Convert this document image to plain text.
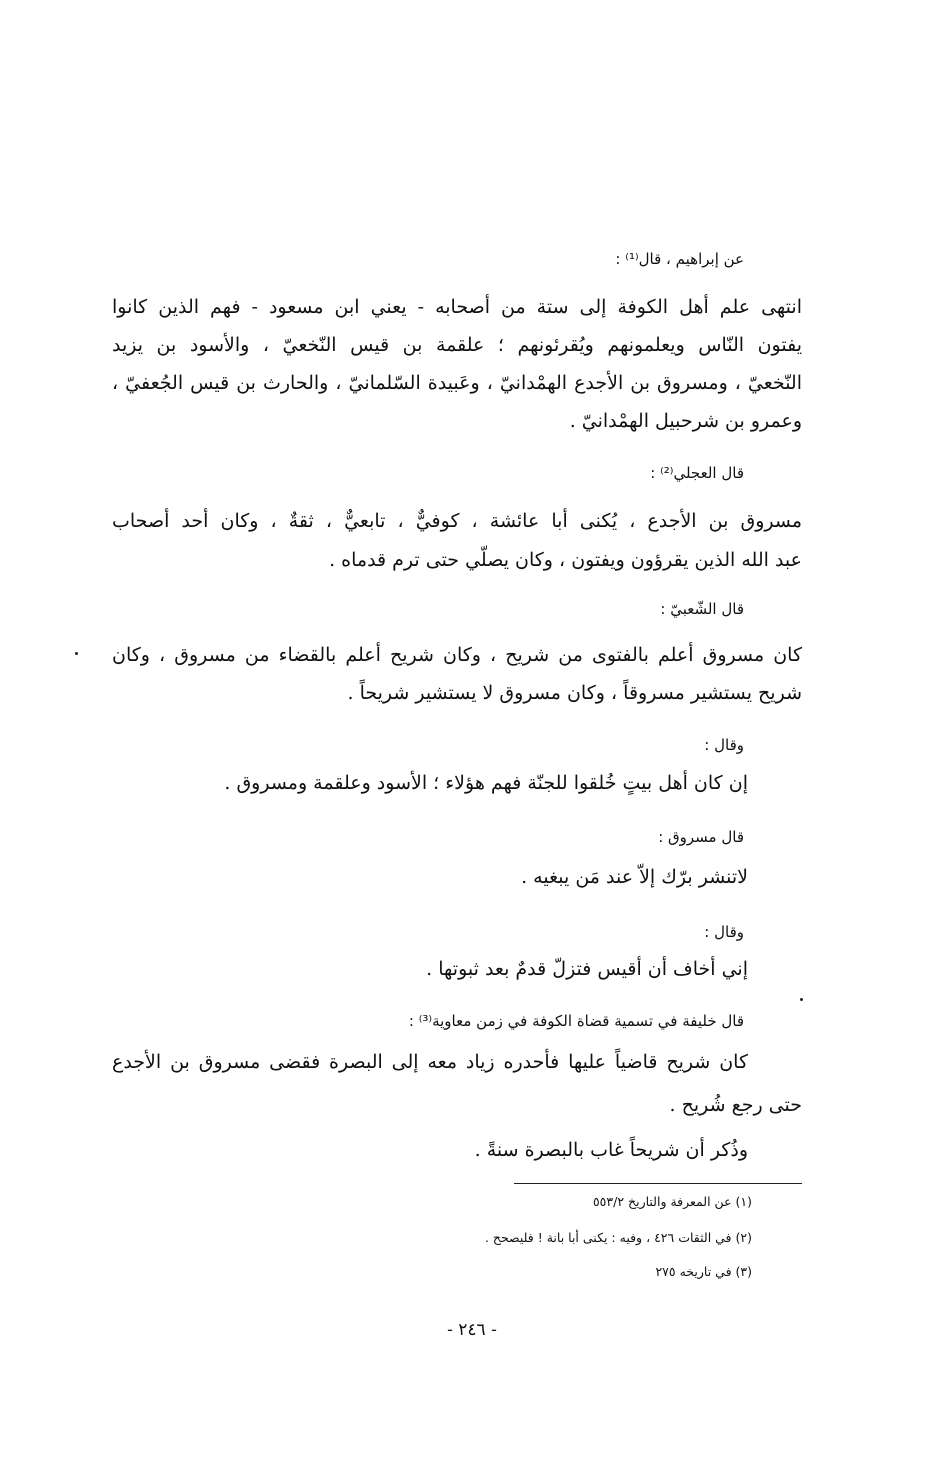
عن إبراهيم ، قال⁽¹⁾ :
انتهى علم أهل الكوفة إلى ستة من أصحابه - يعني ابن مسعود - فهم الذين كانوا
يفتون النّاس ويعلمونهم ويُقرئونهم ؛ علقمة بن قيس النّخعيّ ، والأسود بن يزيد
النّخعيّ ، ومسروق بن الأجدع الهمْدانيّ ، وعَبيدة السّلمانيّ ، والحارث بن قيس الجُعفيّ ،
وعمرو بن شرحبيل الهمْدانيّ .
قال العجلي⁽²⁾ :
مسروق بن الأجدع ، يُكنى أبا عائشة ، كوفيٌّ ، تابعيٌّ ، ثقةٌ ، وكان أحد أصحاب
عبد الله الذين يقرؤون ويفتون ، وكان يصلّي حتى ترم قدماه .
قال الشّعبيّ :
كان مسروق أعلم بالفتوى من شريح ، وكان شريح أعلم بالقضاء من مسروق ، وكان
شريح يستشير مسروقاً ، وكان مسروق لا يستشير شريحاً .
وقال :
إن كان أهل بيتٍ خُلقوا للجنّة فهم هؤلاء ؛ الأسود وعلقمة ومسروق .
قال مسروق :
لاتنشر برّك إلاّ عند مَن يبغيه .
وقال :
إني أخاف أن أقيس فتزلّ قدمٌ بعد ثبوتها .
قال خليفة في تسمية قضاة الكوفة في زمن معاوية⁽³⁾ :
كان شريح قاضياً عليها فأحدره زياد معه إلى البصرة فقضى مسروق بن الأجدع
حتى رجع شُريح .
وذُكر أن شريحاً غاب بالبصرة سنةً .
(١) عن المعرفة والتاريخ ٥٥٣/٢
(٢) في الثقات ٤٢٦ ، وفيه : يكنى أبا بانة ! فليصحح .
(٣) في تاريخه ٢٧٥
- ٢٤٦ -
